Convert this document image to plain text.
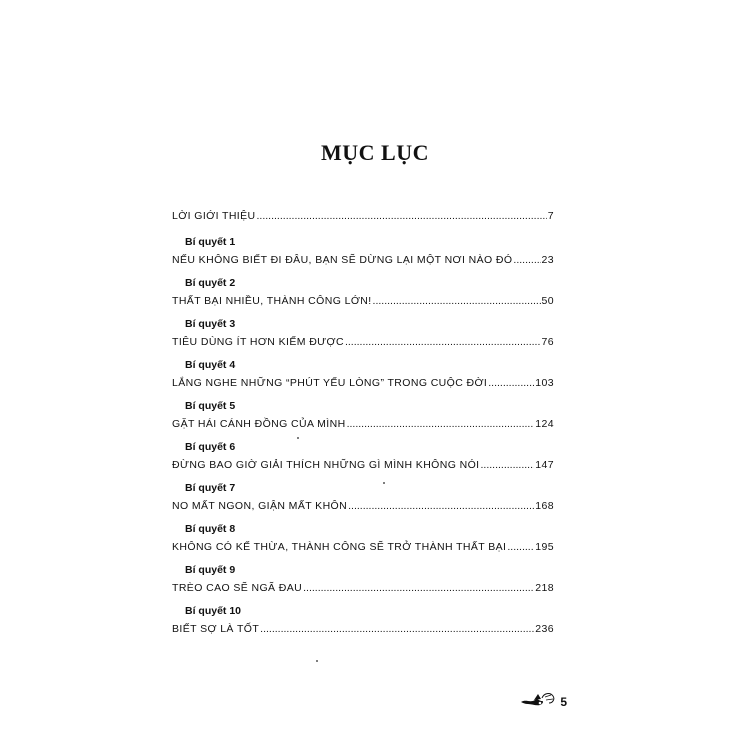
MỤC LỤC
LỜI GIỚI THIỆU .....	7
Bí quyết 1
NẾU KHÔNG BIẾT ĐI ĐÂU, BẠN SẼ DỪNG LẠI MỘT NƠI NÀO ĐÓ .....	23
Bí quyết 2
THẤT BẠI NHIỀU, THÀNH CÔNG LỚN! .....	50
Bí quyết 3
TIÊU DÙNG ÍT HƠN KIẾM ĐƯỢC .....	76
Bí quyết 4
LẮNG NGHE NHỮNG “PHÚT YẾU LÒNG” TRONG CUỘC ĐỜI .....	103
Bí quyết 5
GẶT HÁI CÁNH ĐỒNG CỦA MÌNH .....	124
Bí quyết 6
ĐỪNG BAO GIỜ GIẢI THÍCH NHỮNG GÌ MÌNH KHÔNG NÓI .....	147
Bí quyết 7
NO MẤT NGON, GIẬN MẤT KHÔN .....	168
Bí quyết 8
KHÔNG CÓ KẾ THỪA, THÀNH CÔNG SẼ TRỞ THÀNH THẤT BẠI .....	195
Bí quyết 9
TRÈO CAO SẼ NGÃ ĐAU .....	218
Bí quyết 10
BIẾT SỢ LÀ TỐT .....	236
5
